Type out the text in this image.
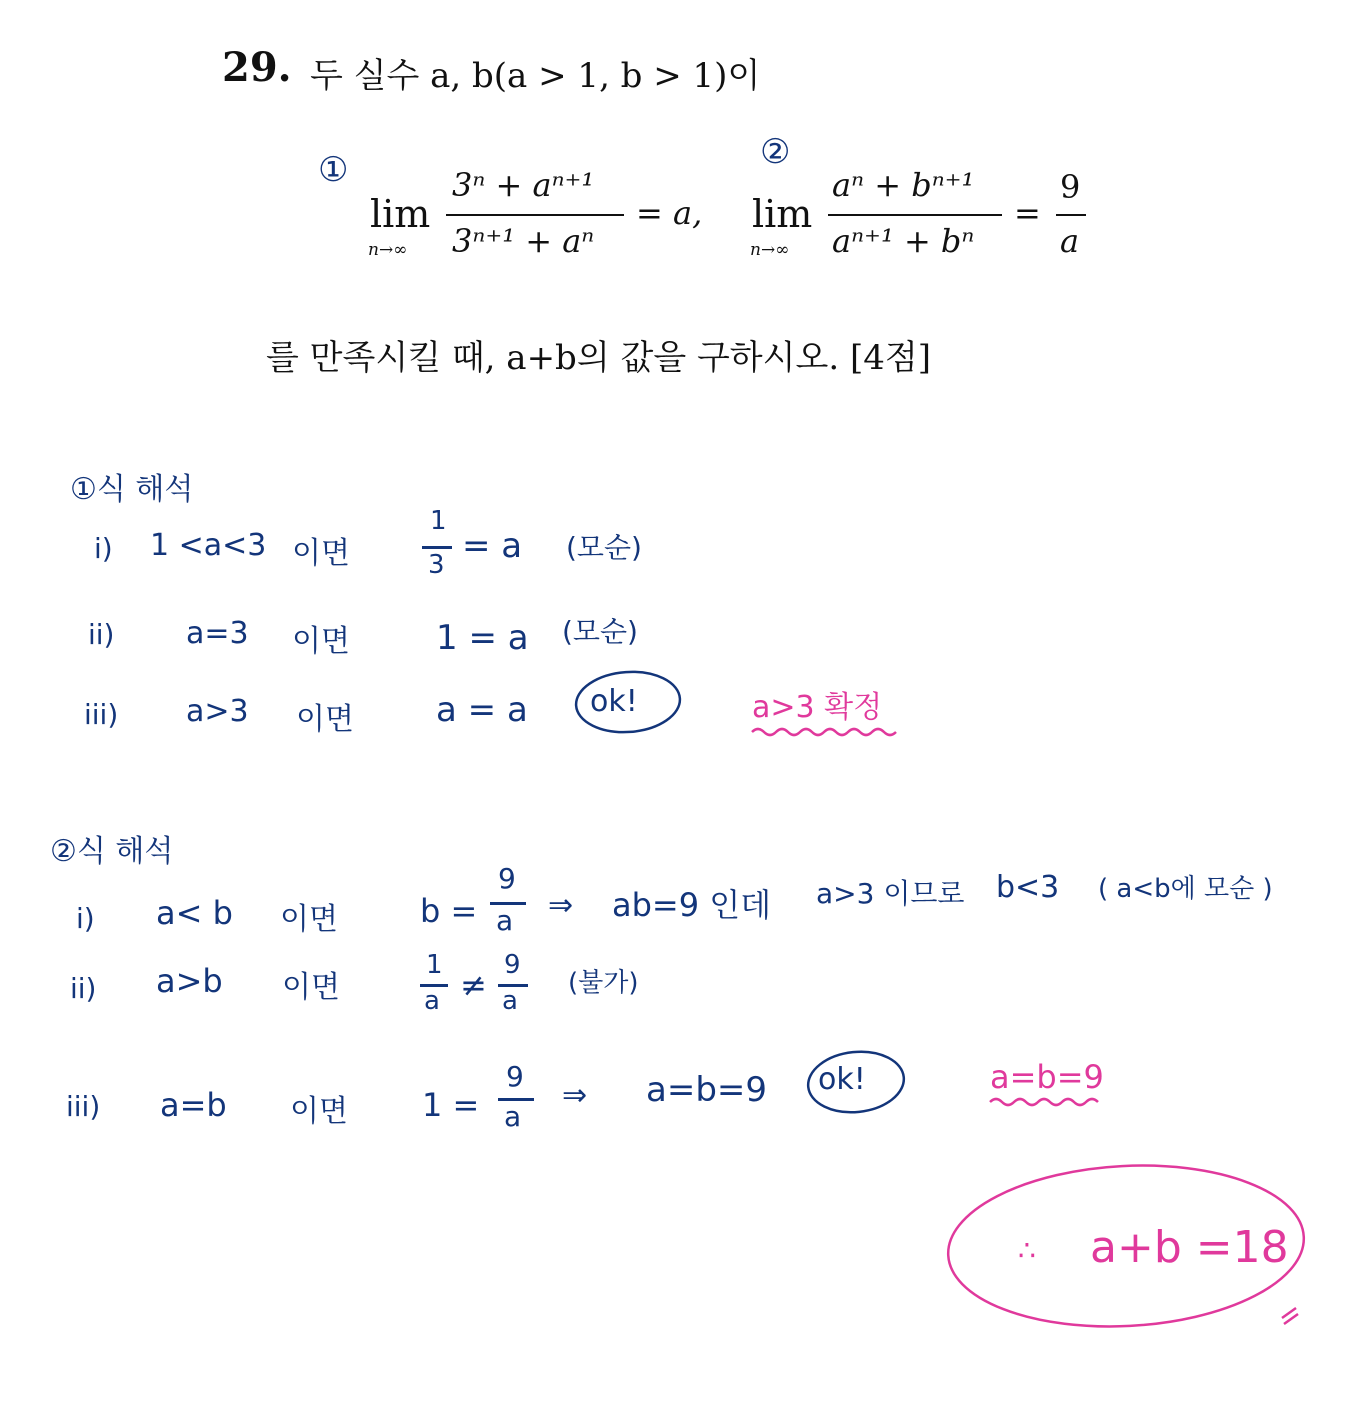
29. 두 실수 a, b(a > 1, b > 1)이
①
lim
n→∞
3ⁿ + aⁿ⁺¹
3ⁿ⁺¹ + aⁿ
= a,
②
lim
n→∞
aⁿ + bⁿ⁺¹
aⁿ⁺¹ + bⁿ
=
9
a
를 만족시킬 때, a+b의 값을 구하시오. [4점]
①식 해석
i) 1 <a<3 이면
1
3 = a (모순)
ii) a=3 이면	1 = a (모순)
iii) a>3 이면 a = a ok!	a>3 확정
②식 해석
i) a< b 이면	b =
9
a ⇒ ab=9 인데 a>3 이므로 b<3 ( a<b에 모순 )
ii) a>b 이면
1
a ≠
9
a
(불가)
iii) a=b 이면 1 =
9
a
⇒ a=b=9 ok!	a=b=9
∴ a+b =18
